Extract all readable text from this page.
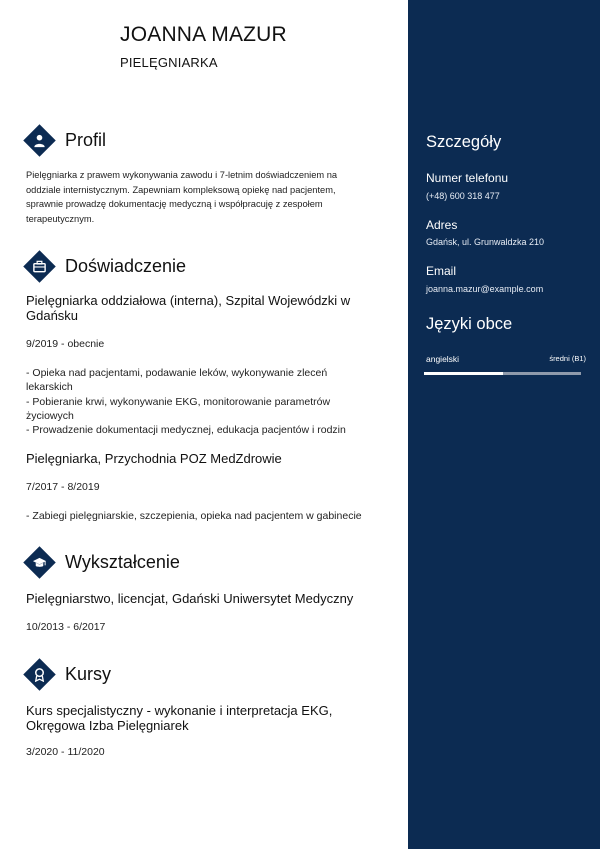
JOANNA MAZUR
PIELĘGNIARKA
Profil
Pielęgniarka z prawem wykonywania zawodu i 7-letnim doświadczeniem na
oddziale internistycznym. Zapewniam kompleksową opiekę nad pacjentem,
sprawnie prowadzę dokumentację medyczną i współpracuję z zespołem
terapeutycznym.
Doświadczenie
Pielęgniarka oddziałowa (interna), Szpital Wojewódzki w Gdańsku
9/2019 - obecnie
- Opieka nad pacjentami, podawanie leków, wykonywanie zleceń
lekarskich
- Pobieranie krwi, wykonywanie EKG, monitorowanie parametrów
życiowych
- Prowadzenie dokumentacji medycznej, edukacja pacjentów i rodzin
Pielęgniarka, Przychodnia POZ MedZdrowie
7/2017 - 8/2019
- Zabiegi pielęgniarskie, szczepienia, opieka nad pacjentem w gabinecie
Wykształcenie
Pielęgniarstwo, licencjat, Gdański Uniwersytet Medyczny
10/2013 - 6/2017
Kursy
Kurs specjalistyczny - wykonanie i interpretacja EKG, Okręgowa Izba Pielęgniarek
3/2020 - 11/2020
Szczegóły
Numer telefonu
(+48) 600 318 477
Adres
Gdańsk, ul. Grunwaldzka 210
Email
joanna.mazur@example.com
Języki obce
angielski	średni (B1)
